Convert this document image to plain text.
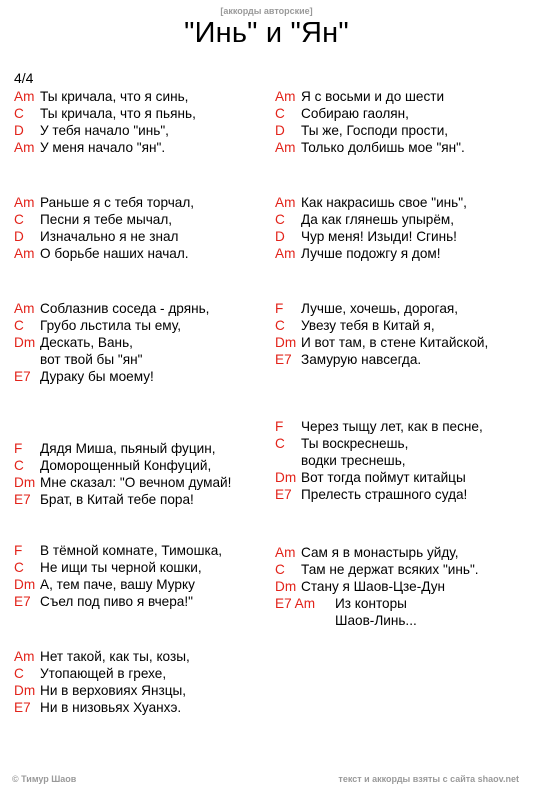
[аккорды авторские]
"Инь" и "Ян"
4/4
Am Ты кричала, что я синь,
C	Ты кричала, что я пьянь,
D	У тебя начало "инь",
Am У меня начало "ян".
Am Раньше я с тебя торчал,
C	Песни я тебе мычал,
D	Изначально я не знал
Am О борьбе наших начал.
Am Соблазнив соседа - дрянь,
C	Грубо льстила ты ему,
Dm Дескать, Вань,
вот твой бы "ян"
E7 Дураку бы моему!
F	Дядя Миша, пьяный фуцин,
C	Доморощенный Конфуций,
Dm Мне сказал: "О вечном думай!
E7 Брат, в Китай тебе пора!
F	В тёмной комнате, Тимошка,
C	Не ищи ты черной кошки,
Dm А, тем паче, вашу Мурку
E7 Съел под пиво я вчера!"
Am Нет такой, как ты, козы,
C	Утопающей в грехе,
Dm Ни в верховиях Янзцы,
E7 Ни в низовьях Хуанхэ.
Am Я с восьми и до шести
C	Собираю гаолян,
D	Ты же, Господи прости,
Am Только долбишь мое "ян".
Am Как накрасишь свое "инь",
C	Да как глянешь упырём,
D	Чур меня! Изыди! Сгинь!
Am Лучше подожгу я дом!
F	Лучше, хочешь, дорогая,
C	Увезу тебя в Китай я,
Dm И вот там, в стене Китайской,
E7 Замурую навсегда.
F	Через тыщу лет, как в песне,
C	Ты воскреснешь,
водки треснешь,
Dm Вот тогда поймут китайцы
E7 Прелесть страшного суда!
Am Сам я в монастырь уйду,
C	Там не держат всяких "инь".
Dm Стану я Шаов-Цзе-Дун
E7 Am	Из конторы
Шаов-Линь...
© Тимур Шаов	текст и аккорды взяты с сайта shaov.net
